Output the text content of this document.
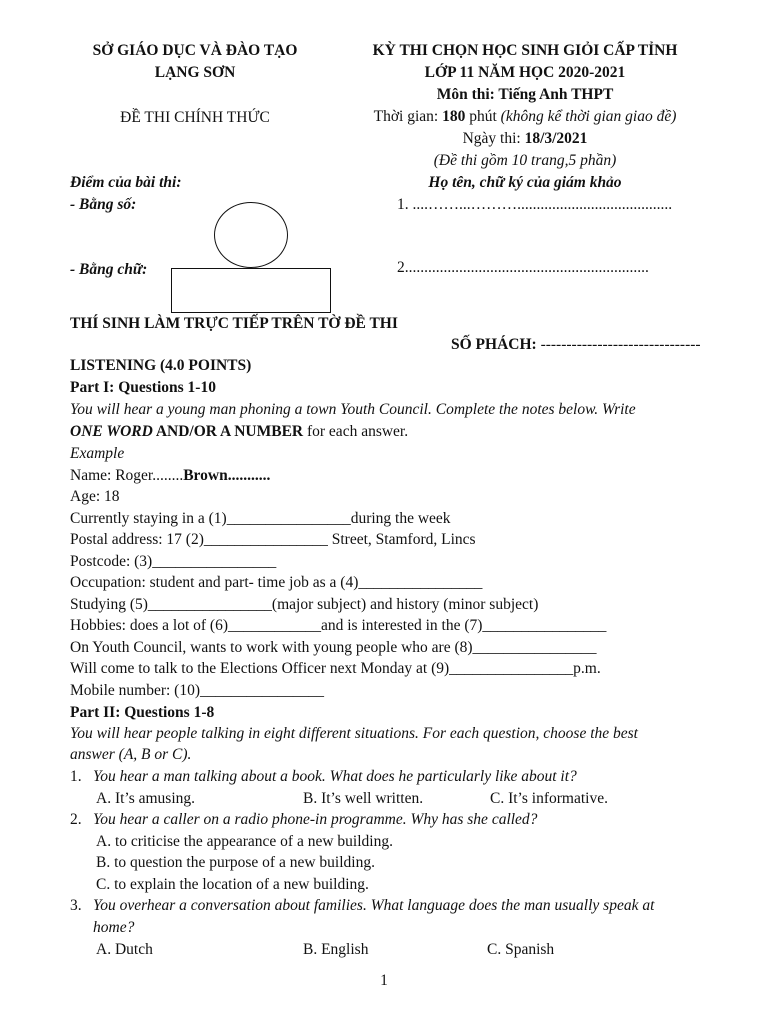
SỞ GIÁO DỤC VÀ ĐÀO TẠO
LẠNG SƠN
ĐỀ THI CHÍNH THỨC
KỲ THI CHỌN HỌC SINH GIỎI CẤP TỈNH
LỚP 11 NĂM HỌC 2020-2021
Môn thi: Tiếng Anh THPT
Thời gian: 180 phút (không kể thời gian giao đề)
Ngày thi: 18/3/2021
(Đề thi gồm 10 trang,5 phần)
Điểm của bài thi:
- Bằng số:
- Bằng chữ:
Họ tên, chữ ký của giám khảo
1. ....……...………........................................
2...............................................................
THÍ SINH LÀM TRỰC TIẾP TRÊN TỜ ĐỀ THI
SỐ PHÁCH: -------------------------------
LISTENING (4.0 POINTS)
Part I: Questions 1-10
You will hear a young man phoning a town Youth Council. Complete the notes below. Write
ONE WORD AND/OR A NUMBER for each answer.
Example
Name: Roger........Brown...........
Age: 18
Currently staying in a (1)________________during the week
Postal address: 17 (2)________________ Street, Stamford, Lincs
Postcode: (3)________________
Occupation: student and part- time job as a (4)________________
Studying (5)________________(major subject) and history (minor subject)
Hobbies: does a lot of (6)____________and is interested in the (7)________________
On Youth Council, wants to work with young people who are (8)________________
Will come to talk to the Elections Officer next Monday at (9)________________p.m.
Mobile number: (10)________________
Part II: Questions 1-8
You will hear people talking in eight different situations. For each question, choose the best
answer (A, B or C).
1. You hear a man talking about a book. What does he particularly like about it?
A. It’s amusing.	B. It’s well written.	C. It’s informative.
2. You hear a caller on a radio phone-in programme. Why has she called?
A. to criticise the appearance of a new building.
B. to question the purpose of a new building.
C. to explain the location of a new building.
3. You overhear a conversation about families. What language does the man usually speak at
home?
A. Dutch	B. English	C. Spanish
1
